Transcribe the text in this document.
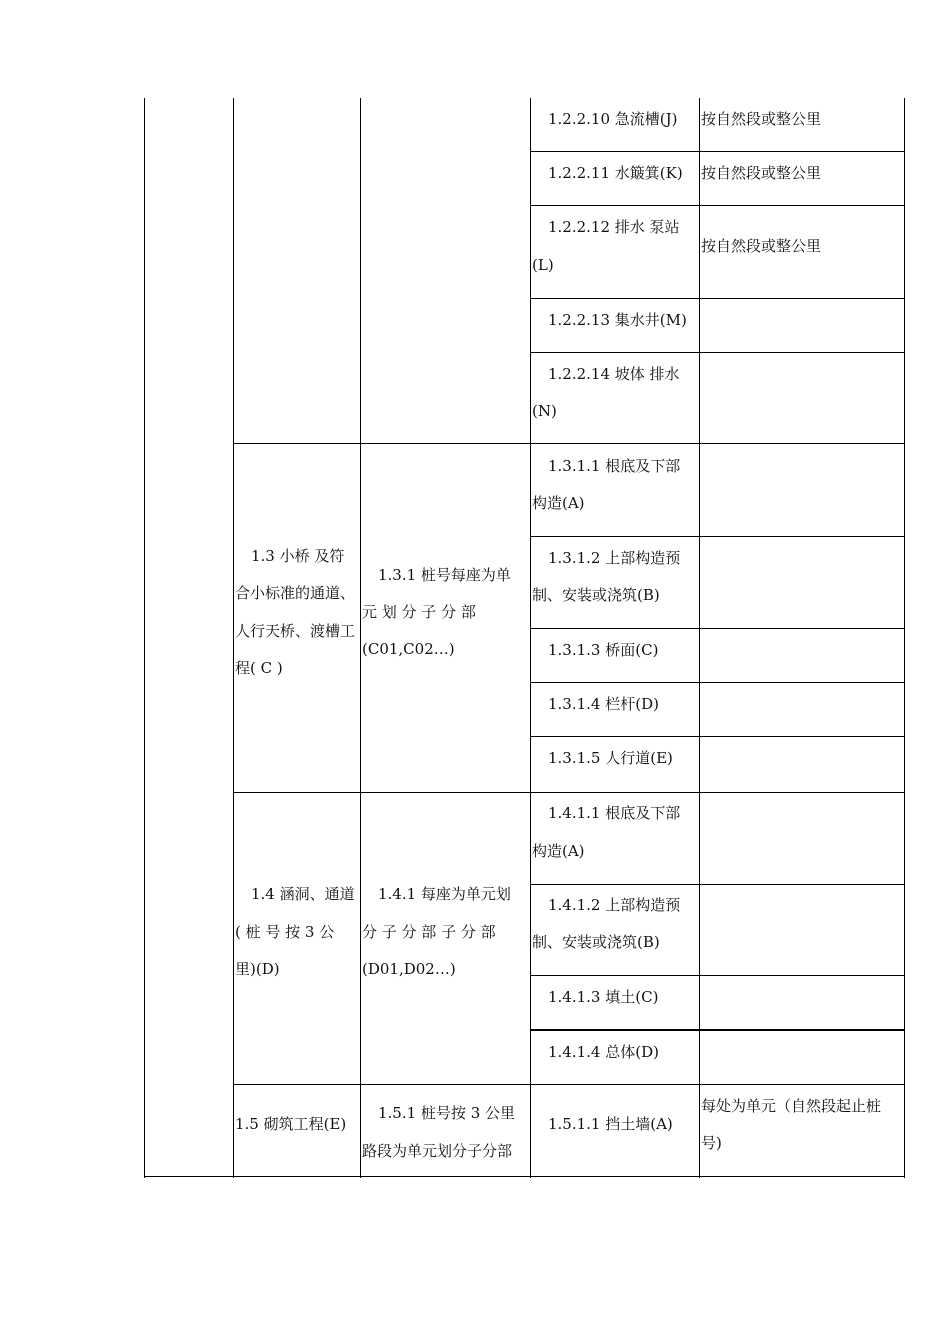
1.2.2.10 急流槽(J) 按自然段或整公里
1.2.2.11 水簸箕(K) 按自然段或整公里
1.2.2.12 排水 泵站
(L)
按自然段或整公里
1.2.2.13 集水井(M)
1.2.2.14 坡体 排水
(N)
1.3 小桥 及符
合小标准的通道、
人行天桥、渡槽工
程( C )
1.3.1 桩号每座为单
元 划 分 子 分 部
(C01,C02…)
1.3.1.1 根底及下部
构造(A)
1.3.1.2 上部构造预
制、安装或浇筑(B)
1.3.1.3 桥面(C)
1.3.1.4 栏杆(D)
1.3.1.5 人行道(E)
1.4 涵洞、通道
( 桩 号 按 3 公
里)(D)
1.4.1 每座为单元划
分 子 分 部 子 分 部
(D01,D02…)
1.4.1.1 根底及下部
构造(A)
1.4.1.2 上部构造预
制、安装或浇筑(B)
1.4.1.3 填土(C)
1.4.1.4 总体(D)
1.5 砌筑工程(E)
1.5.1 桩号按 3 公里
路段为单元划分子分部
1.5.1.1 挡土墙(A)
每处为单元（自然段起止桩
号)
